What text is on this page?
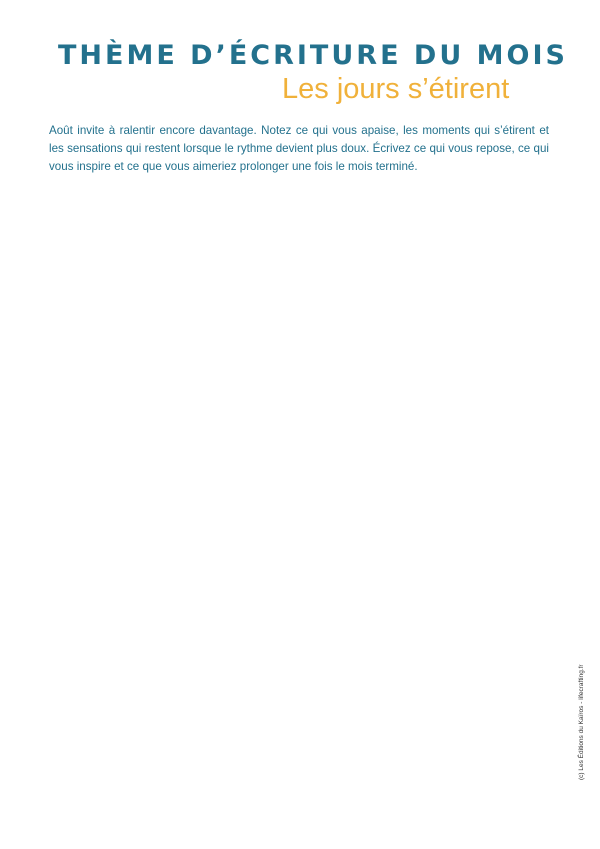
THÈME D’ÉCRITURE DU MOIS
Les jours s’étirent
Août invite à ralentir encore davantage. Notez ce qui vous apaise, les moments qui s’étirent et les sensations qui restent lorsque le rythme devient plus doux. Écrivez ce qui vous repose, ce qui vous inspire et ce que vous aimeriez prolonger une fois le mois terminé.
(c) Les Éditions du Kaïros - lifecrafting.fr
